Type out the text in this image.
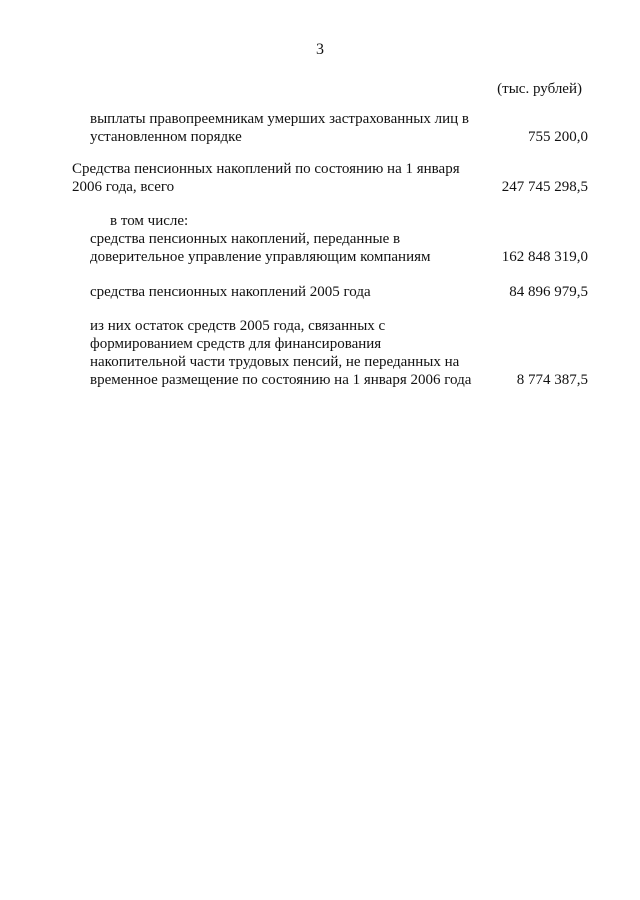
3
(тыс. рублей)

выплаты правопреемникам умерших застрахованных лиц в
установленном порядке	755 200,0

Средства пенсионных накоплений по состоянию на 1 января
2006 года, всего	247 745 298,5
в том числе:

средства пенсионных накоплений, переданные в
доверительное управление управляющим компаниям	162 848 319,0

средства пенсионных накоплений 2005 года	84 896 979,5

из них остаток средств 2005 года, связанных с
формированием средств для финансирования
накопительной части трудовых пенсий, не переданных на
временное размещение по состоянию на 1 января 2006 года	8 774 387,5
